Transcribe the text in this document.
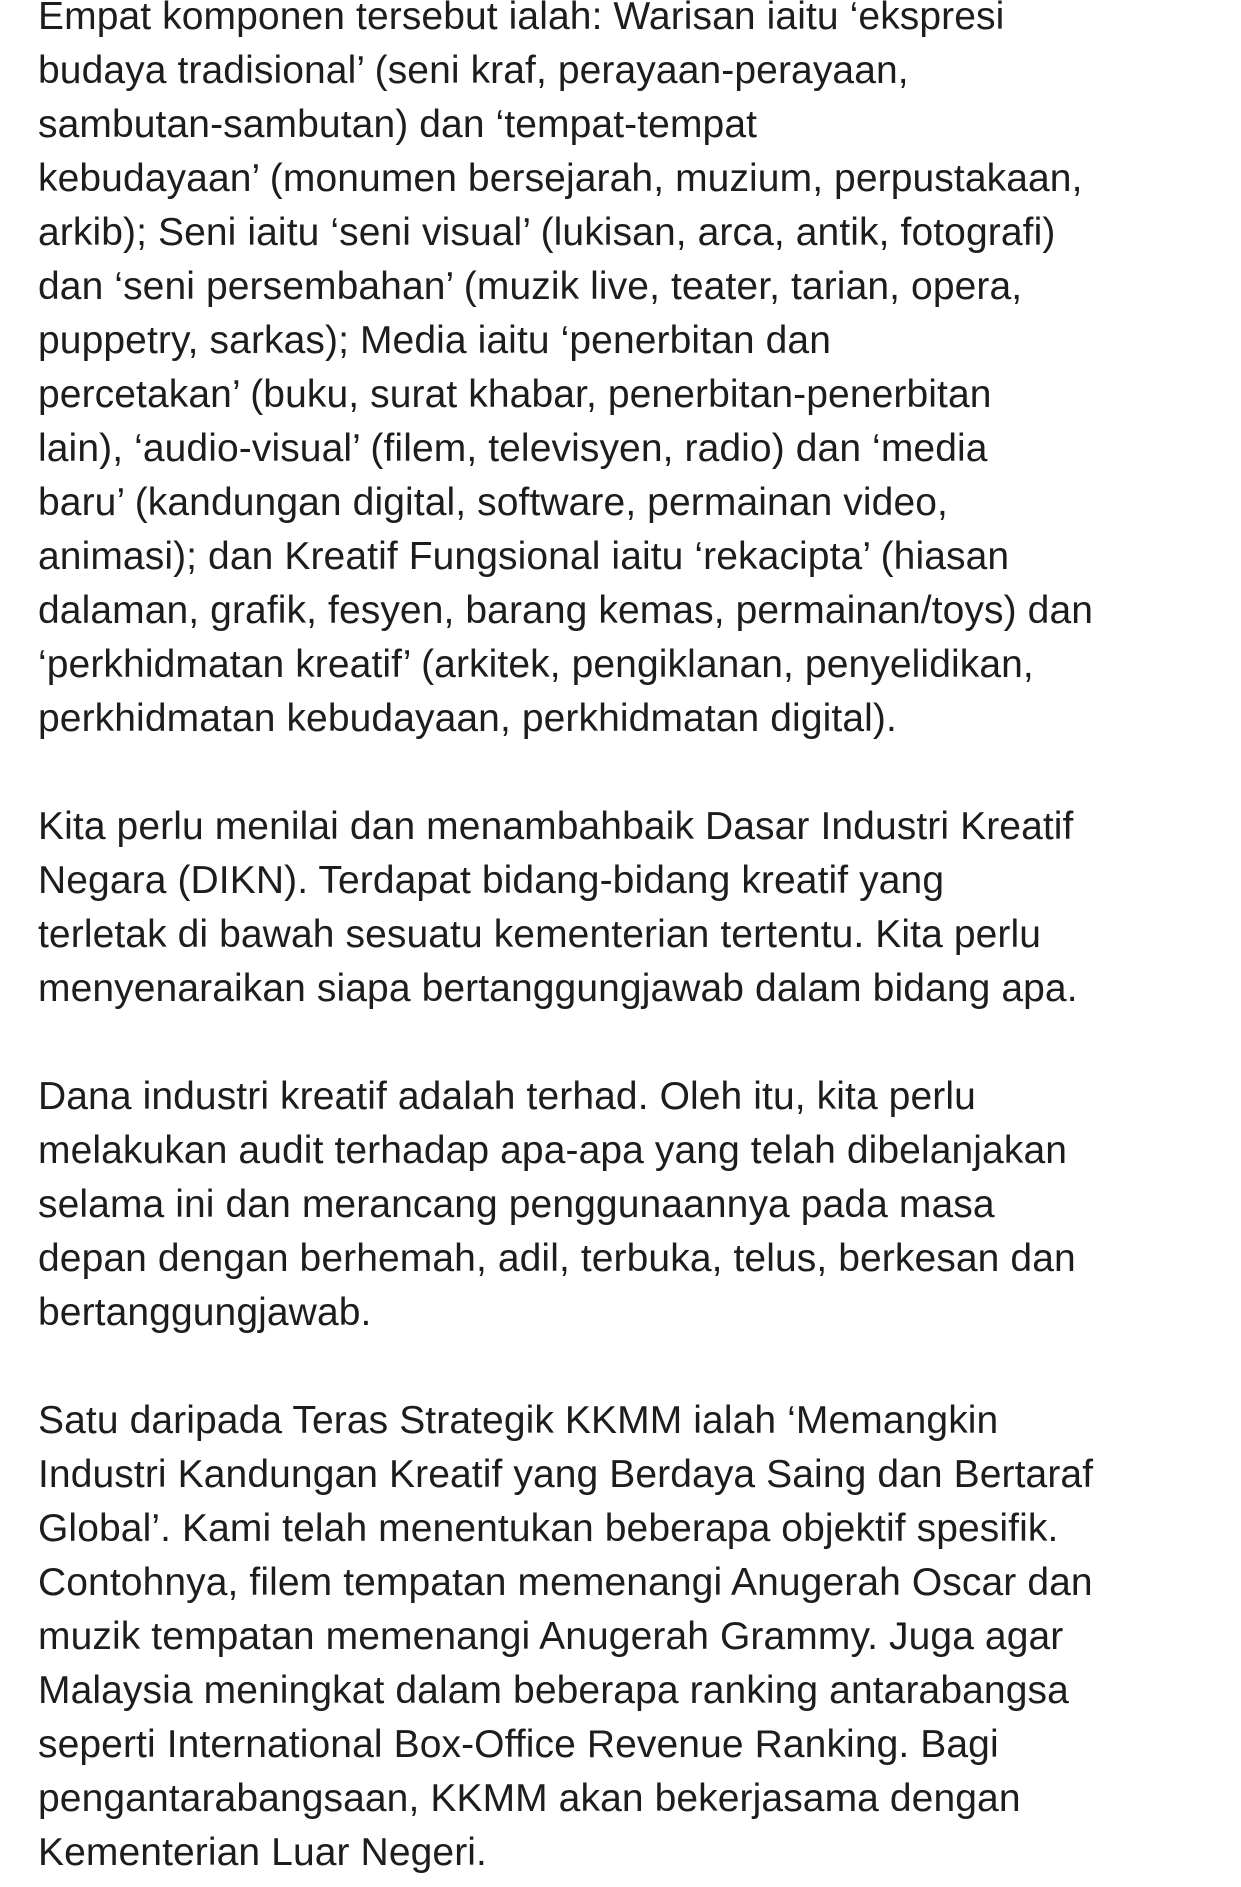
Empat komponen tersebut ialah: Warisan iaitu ‘ekspresi
budaya tradisional’ (seni kraf, perayaan-perayaan,
sambutan-sambutan) dan ‘tempat-tempat
kebudayaan’ (monumen bersejarah, muzium, perpustakaan,
arkib); Seni iaitu ‘seni visual’ (lukisan, arca, antik, fotografi)
dan ‘seni persembahan’ (muzik live, teater, tarian, opera,
puppetry, sarkas); Media iaitu ‘penerbitan dan
percetakan’ (buku, surat khabar, penerbitan-penerbitan
lain), ‘audio-visual’ (filem, televisyen, radio) dan ‘media
baru’ (kandungan digital, software, permainan video,
animasi); dan Kreatif Fungsional iaitu ‘rekacipta’ (hiasan
dalaman, grafik, fesyen, barang kemas, permainan/toys) dan
‘perkhidmatan kreatif’ (arkitek, pengiklanan, penyelidikan,
perkhidmatan kebudayaan, perkhidmatan digital).

Kita perlu menilai dan menambahbaik Dasar Industri Kreatif
Negara (DIKN). Terdapat bidang-bidang kreatif yang
terletak di bawah sesuatu kementerian tertentu. Kita perlu
menyenaraikan siapa bertanggungjawab dalam bidang apa.

Dana industri kreatif adalah terhad. Oleh itu, kita perlu
melakukan audit terhadap apa-apa yang telah dibelanjakan
selama ini dan merancang penggunaannya pada masa
depan dengan berhemah, adil, terbuka, telus, berkesan dan
bertanggungjawab.

Satu daripada Teras Strategik KKMM ialah ‘Memangkin
Industri Kandungan Kreatif yang Berdaya Saing dan Bertaraf
Global’. Kami telah menentukan beberapa objektif spesifik.
Contohnya, filem tempatan memenangi Anugerah Oscar dan
muzik tempatan memenangi Anugerah Grammy. Juga agar
Malaysia meningkat dalam beberapa ranking antarabangsa
seperti International Box-Office Revenue Ranking. Bagi
pengantarabangsaan, KKMM akan bekerjasama dengan
Kementerian Luar Negeri.
